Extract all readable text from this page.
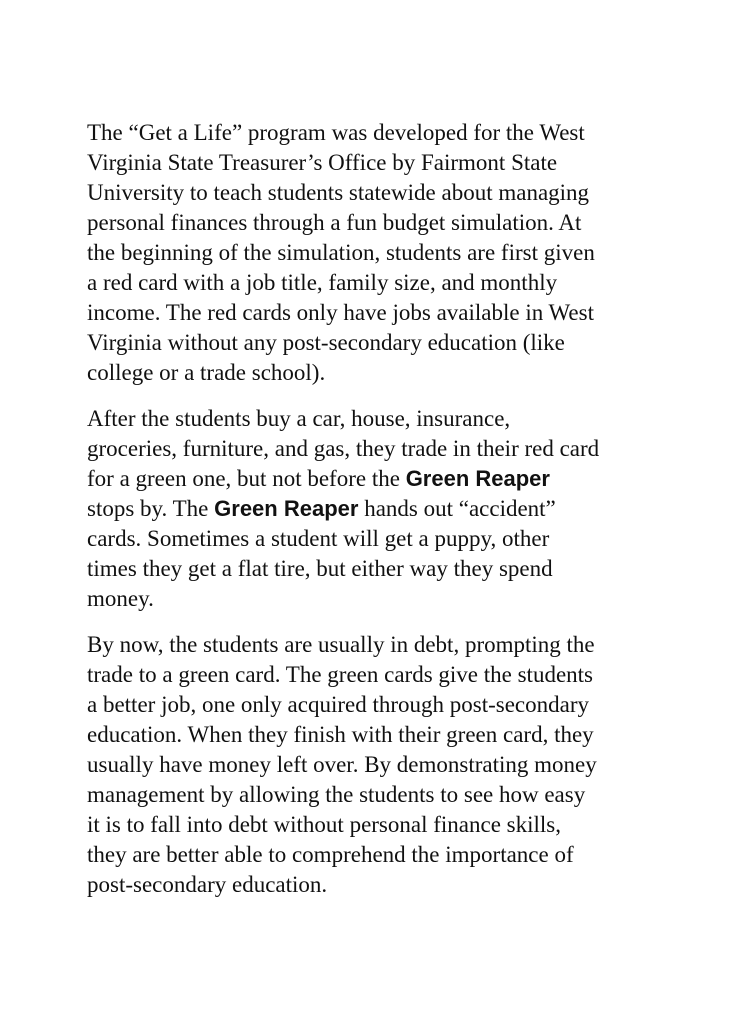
The “Get a Life” program was developed for the West
Virginia State Treasurer’s Office by Fairmont State
University to teach students statewide about managing
personal finances through a fun budget simulation. At
the beginning of the simulation, students are first given
a red card with a job title, family size, and monthly
income. The red cards only have jobs available in West
Virginia without any post-secondary education (like
college or a trade school).

After the students buy a car, house, insurance,
groceries, furniture, and gas, they trade in their red card
for a green one, but not before the Green Reaper
stops by. The Green Reaper hands out “accident”
cards. Sometimes a student will get a puppy, other
times they get a flat tire, but either way they spend
money.

By now, the students are usually in debt, prompting the
trade to a green card. The green cards give the students
a better job, one only acquired through post-secondary
education. When they finish with their green card, they
usually have money left over. By demonstrating money
management by allowing the students to see how easy
it is to fall into debt without personal finance skills,
they are better able to comprehend the importance of
post-secondary education.
